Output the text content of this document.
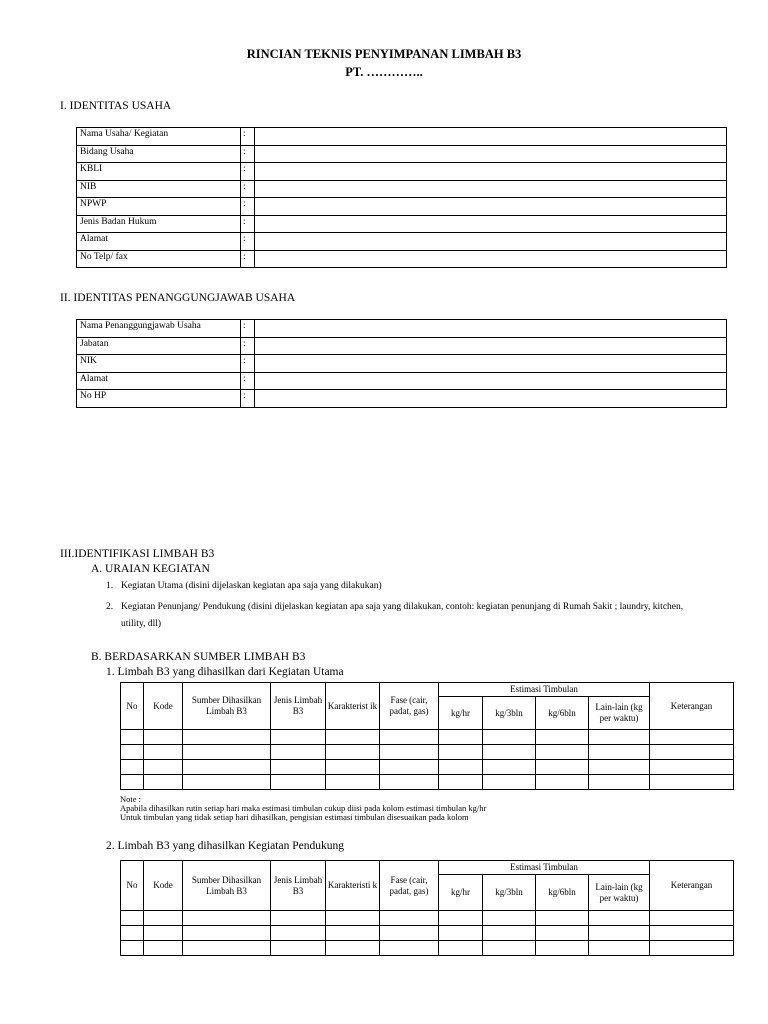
RINCIAN TEKNIS PENYIMPANAN LIMBAH B3
PT. …………..
I. IDENTITAS USAHA
Nama Usaha/ Kegiatan	:	
Bidang Usaha	:	
KBLI	:	
NIB	:	
NPWP	:	
Jenis Badan Hukum	:	
Alamat	:	
No Telp/ fax	:	
II. IDENTITAS PENANGGUNGJAWAB USAHA
Nama Penanggungjawab Usaha	:	
Jabatan	:	
NIK	:	
Alamat	:	
No HP	:	
III.IDENTIFIKASI LIMBAH B3
A. URAIAN KEGIATAN
1. Kegiatan Utama (disini dijelaskan kegiatan apa saja yang dilakukan)
2. Kegiatan Penunjang/ Pendukung (disini dijelaskan kegiatan apa saja yang dilakukan, contoh: kegiatan penunjang di Rumah Sakit ; laundry, kitchen,
utility, dll)
B. BERDASARKAN SUMBER LIMBAH B3
1. Limbah B3 yang dihasilkan dari Kegiatan Utama
No	Kode	Sumber Dihasilkan Limbah B3	Jenis Limbah B3	Karakterist ik	Fase (cair, padat, gas)	Estimasi Timbulan				Keterangan
						kg/hr	kg/3bln	kg/6bln	Lain-lain (kg per waktu)	

Note :
Apabila dihasilkan rutin setiap hari maka estimasi timbulan cukup diisi pada kolom estimasi timbulan kg/hr
Untuk timbulan yang tidak setiap hari dihasilkan, pengisian estimasi timbulan disesuaikan pada kolom
2. Limbah B3 yang dihasilkan Kegiatan Pendukung
No	Kode	Sumber Dihasilkan Limbah B3	Jenis Limbah B3	Karakteristi k	Fase (cair, padat, gas)	Estimasi Timbulan				Keterangan
						kg/hr	kg/3bln	kg/6bln	Lain-lain (kg per waktu)	
